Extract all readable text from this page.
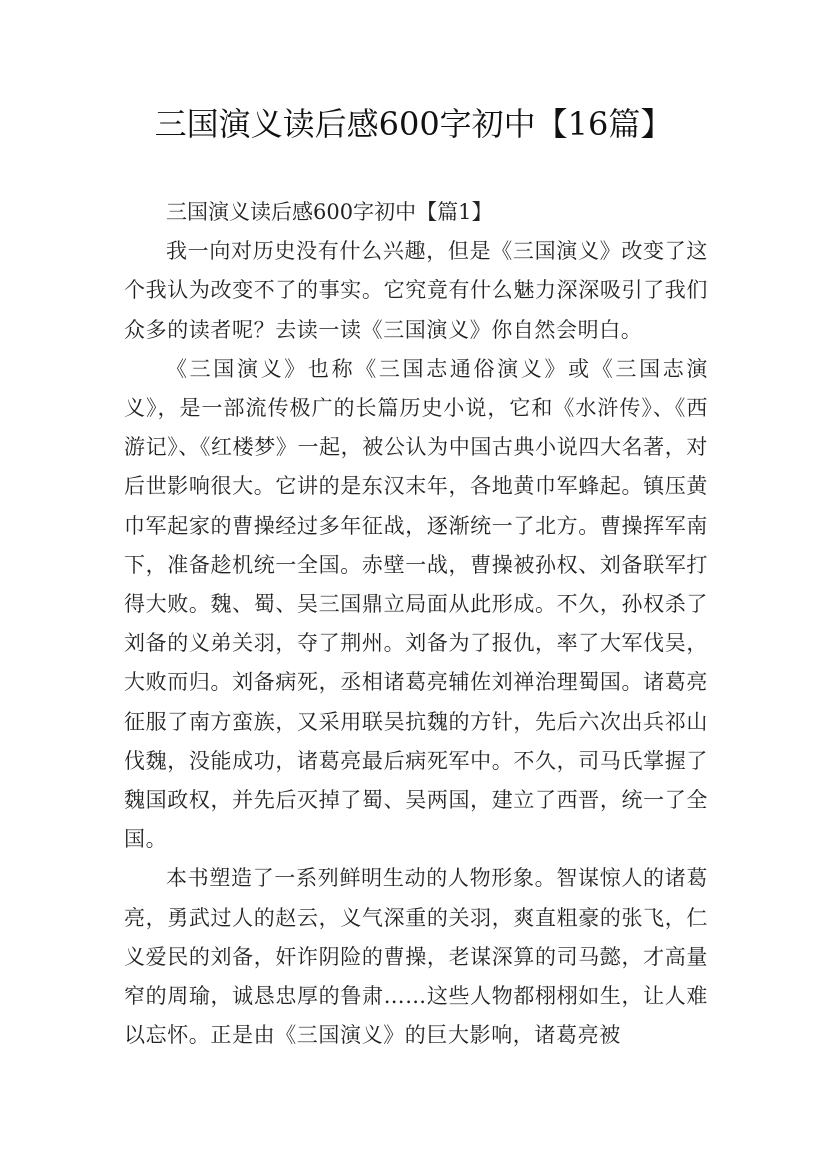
三国演义读后感600字初中【16篇】

三国演义读后感600字初中【篇1】

我一向对历史没有什么兴趣，但是《三国演义》改变了这个我认为改变不了的事实。它究竟有什么魅力深深吸引了我们众多的读者呢？去读一读《三国演义》你自然会明白。

《三国演义》也称《三国志通俗演义》或《三国志演义》，是一部流传极广的长篇历史小说，它和《水浒传》、《西游记》、《红楼梦》一起，被公认为中国古典小说四大名著，对后世影响很大。它讲的是东汉末年，各地黄巾军蜂起。镇压黄巾军起家的曹操经过多年征战，逐渐统一了北方。曹操挥军南下，准备趁机统一全国。赤壁一战，曹操被孙权、刘备联军打得大败。魏、蜀、吴三国鼎立局面从此形成。不久，孙权杀了刘备的义弟关羽，夺了荆州。刘备为了报仇，率了大军伐吴，大败而归。刘备病死，丞相诸葛亮辅佐刘禅治理蜀国。诸葛亮征服了南方蛮族，又采用联吴抗魏的方针，先后六次出兵祁山伐魏，没能成功，诸葛亮最后病死军中。不久，司马氏掌握了魏国政权，并先后灭掉了蜀、吴两国，建立了西晋，统一了全国。

本书塑造了一系列鲜明生动的人物形象。智谋惊人的诸葛亮，勇武过人的赵云，义气深重的关羽，爽直粗豪的张飞，仁义爱民的刘备，奸诈阴险的曹操，老谋深算的司马懿，才高量窄的周瑜，诚恳忠厚的鲁肃……这些人物都栩栩如生，让人难以忘怀。正是由《三国演义》的巨大影响，诸葛亮被
